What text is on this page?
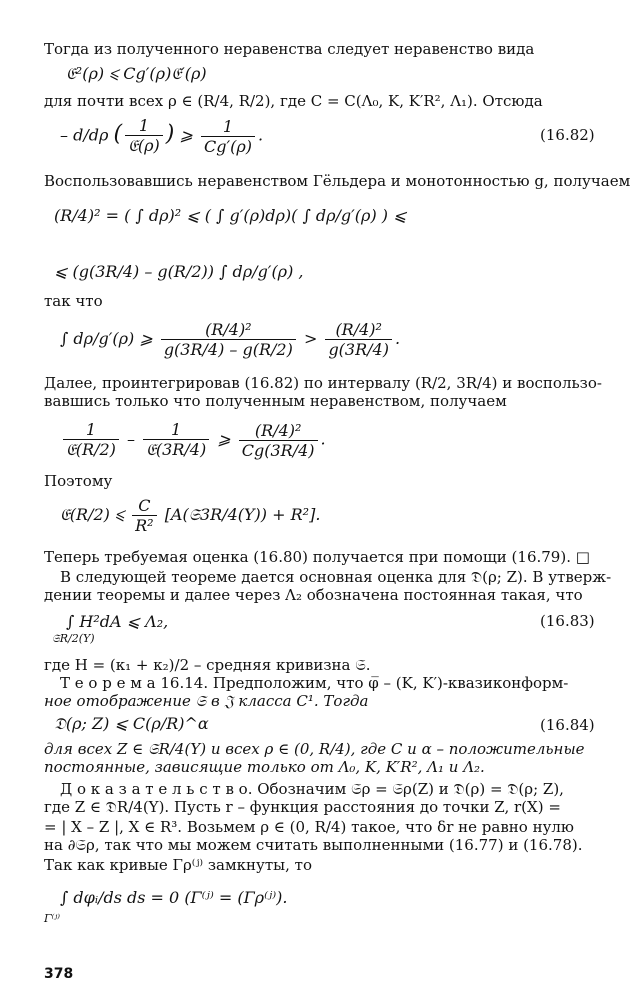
Тогда из полученного неравенства следует неравенство вида
𝔈²(ρ) ⩽ Cg′(ρ)𝔈′(ρ)
для почти всех ρ ∈ (R/4, R/2), где C = C(Λ₀, K, K′R², Λ₁). Отсюда
– d/dρ ( $\frac{1}{\text{𝔈(ρ)}}$ ) ⩾ $\frac{1}{Cg'(\rho)}$ .	(16.82)
Воспользовавшись неравенством Гёльдера и монотонностью g, получаем
(R/4)² = ( ∫ dρ)² ⩽ ( ∫ g′(ρ)dρ)( ∫ dρ/g′(ρ) ) ⩽
⩽ (g(3R/4) – g(R/2)) ∫ dρ/g′(ρ) ,
так что
∫ dρ/g′(ρ) ⩾ $\frac{\text{(R/4)²}}{g(3R/4) - g(R/2)} > \frac{\text{(R/4)²}}{g(3R/4)}$ .
Далее, проинтегрировав (16.82) по интервалу (R/2, 3R/4) и воспользо-
вавшись только что полученным неравенством, получаем
$\frac{1}{\text{𝔈(R/2)}} - \frac{1}{\text{𝔈(3R/4)}}$ ⩾ $\frac{\text{(R/4)²}}{Cg(3R/4)}$ .
Поэтому
𝔈(R/2) ⩽ $\frac{C}{\text{R²}}$ [A(𝔖3R/4(Y)) + R²].
Теперь требуемая оценка (16.80) получается при помощи (16.79). □
В следующей теореме дается основная оценка для 𝔇(ρ; Z). В утверж-
дении теоремы и далее через Λ₂ обозначена постоянная такая, что
∫ H²dA ⩽ Λ₂,
𝔖R/2(Y)
(16.83)
где H = (κ₁ + κ₂)/2 – средняя кривизна 𝔖.
Т е о р е м а 16.14. Предположим, что φ̅ – (K, K′)-квазиконформ-
ное отображение 𝔖 в 𝔍 класса C¹. Тогда
𝔇(ρ; Z) ⩽ C(ρ/R)^α	(16.84)
для всех Z ∈ 𝔖R/4(Y) и всех ρ ∈ (0, R/4), где C и α – положительные
постоянные, зависящие только от Λ₀, K, K′R², Λ₁ и Λ₂.
Д о к а з а т е л ь с т в о. Обозначим 𝔖ρ = 𝔖ρ(Z) и 𝔇(ρ) = 𝔇(ρ; Z),
где Z ∈ 𝔇R/4(Y). Пусть r – функция расстояния до точки Z, r(X) =
= | X – Z |, X ∈ R³. Возьмем ρ ∈ (0, R/4) такое, что δr не равно нулю
на ∂𝔖ρ, так что мы можем считать выполненными (16.77) и (16.78).
Так как кривые Γρ⁽ʲ⁾ замкнуты, то
∫ dφᵢ/ds ds = 0 (Γ⁽ʲ⁾ = (Γρ⁽ʲ⁾).
Γ⁽ʲ⁾
378
